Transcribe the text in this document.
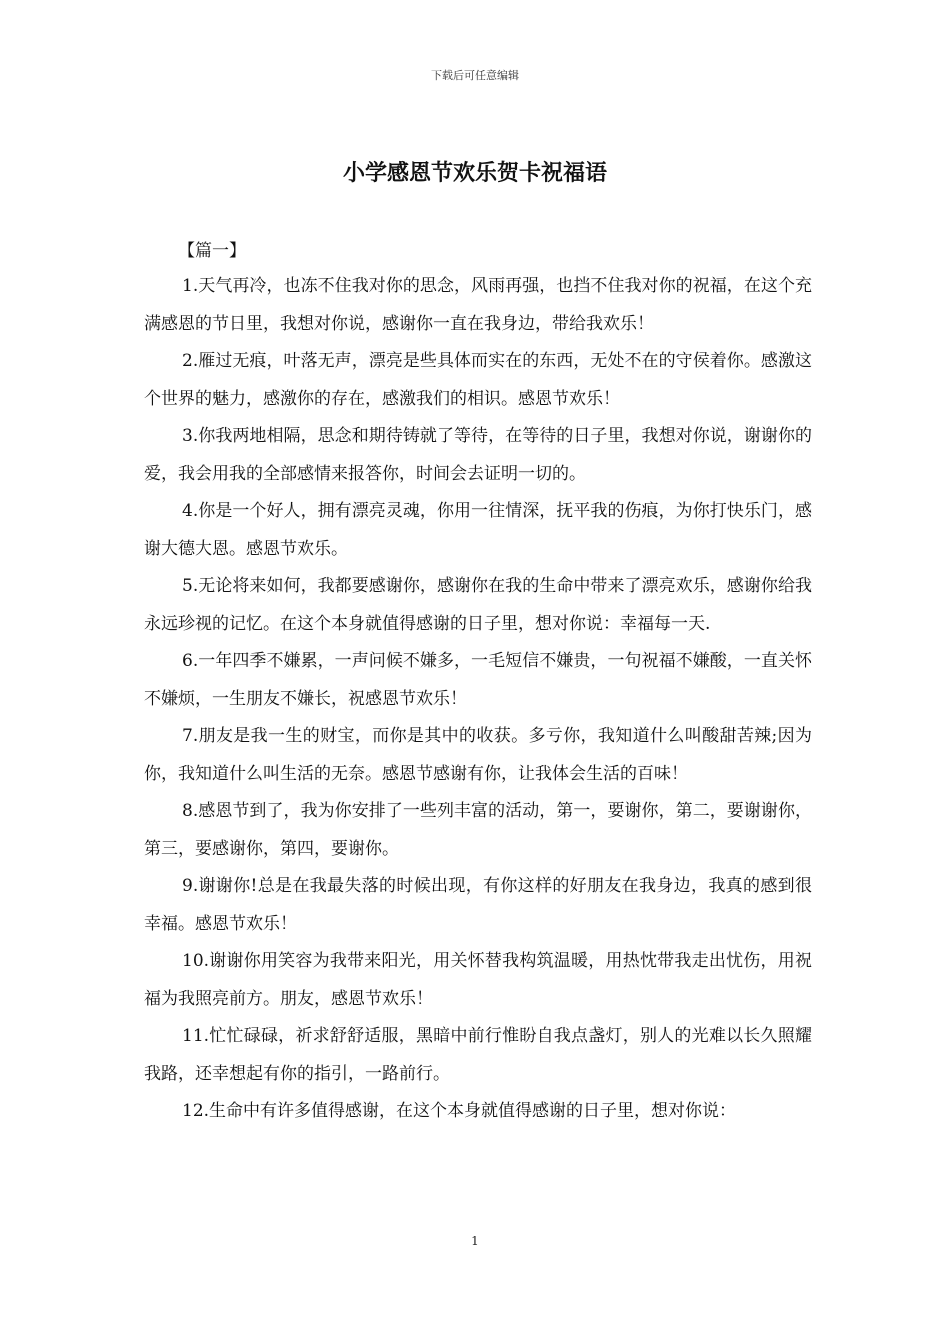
下载后可任意编辑
小学感恩节欢乐贺卡祝福语
【篇一】

1.天气再冷，也冻不住我对你的思念，风雨再强，也挡不住我对你的祝福，在这个充满感恩的节日里，我想对你说，感谢你一直在我身边，带给我欢乐！

2.雁过无痕，叶落无声，漂亮是些具体而实在的东西，无处不在的守侯着你。感激这个世界的魅力，感激你的存在，感激我们的相识。感恩节欢乐！

3.你我两地相隔，思念和期待铸就了等待，在等待的日子里，我想对你说，谢谢你的爱，我会用我的全部感情来报答你，时间会去证明一切的。

4.你是一个好人，拥有漂亮灵魂，你用一往情深，抚平我的伤痕，为你打快乐门，感谢大德大恩。感恩节欢乐。

5.无论将来如何，我都要感谢你，感谢你在我的生命中带来了漂亮欢乐，感谢你给我永远珍视的记忆。在这个本身就值得感谢的日子里，想对你说：幸福每一天.

6.一年四季不嫌累，一声问候不嫌多，一毛短信不嫌贵，一句祝福不嫌酸，一直关怀不嫌烦，一生朋友不嫌长，祝感恩节欢乐！

7.朋友是我一生的财宝，而你是其中的收获。多亏你，我知道什么叫酸甜苦辣;因为你，我知道什么叫生活的无奈。感恩节感谢有你，让我体会生活的百味！

8.感恩节到了，我为你安排了一些列丰富的活动，第一，要谢你，第二，要谢谢你，第三，要感谢你，第四，要谢你。

9.谢谢你!总是在我最失落的时候出现，有你这样的好朋友在我身边，我真的感到很幸福。感恩节欢乐！

10.谢谢你用笑容为我带来阳光，用关怀替我构筑温暖，用热忱带我走出忧伤，用祝福为我照亮前方。朋友，感恩节欢乐！

11.忙忙碌碌，祈求舒舒适服，黑暗中前行惟盼自我点盏灯，别人的光难以长久照耀我路，还幸想起有你的指引，一路前行。

12.生命中有许多值得感谢，在这个本身就值得感谢的日子里，想对你说：

1
